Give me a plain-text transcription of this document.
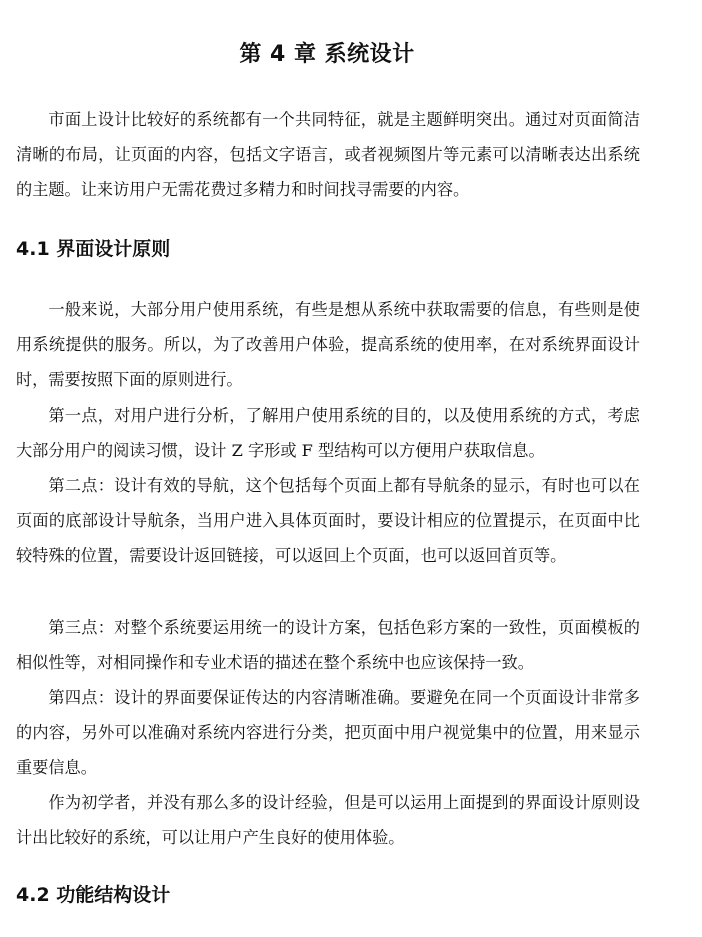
第 4 章 系统设计

市面上设计比较好的系统都有一个共同特征，就是主题鲜明突出。通过对页面简洁清晰的布局，让页面的内容，包括文字语言，或者视频图片等元素可以清晰表达出系统的主题。让来访用户无需花费过多精力和时间找寻需要的内容。

4.1 界面设计原则

一般来说，大部分用户使用系统，有些是想从系统中获取需要的信息，有些则是使用系统提供的服务。所以，为了改善用户体验，提高系统的使用率，在对系统界面设计时，需要按照下面的原则进行。

第一点，对用户进行分析，了解用户使用系统的目的，以及使用系统的方式，考虑大部分用户的阅读习惯，设计 Z 字形或 F 型结构可以方便用户获取信息。

第二点：设计有效的导航，这个包括每个页面上都有导航条的显示，有时也可以在页面的底部设计导航条，当用户进入具体页面时，要设计相应的位置提示，在页面中比较特殊的位置，需要设计返回链接，可以返回上个页面，也可以返回首页等。

第三点：对整个系统要运用统一的设计方案，包括色彩方案的一致性，页面模板的相似性等，对相同操作和专业术语的描述在整个系统中也应该保持一致。

第四点：设计的界面要保证传达的内容清晰准确。要避免在同一个页面设计非常多的内容，另外可以准确对系统内容进行分类，把页面中用户视觉集中的位置，用来显示重要信息。

作为初学者，并没有那么多的设计经验，但是可以运用上面提到的界面设计原则设计出比较好的系统，可以让用户产生良好的使用体验。

4.2 功能结构设计
